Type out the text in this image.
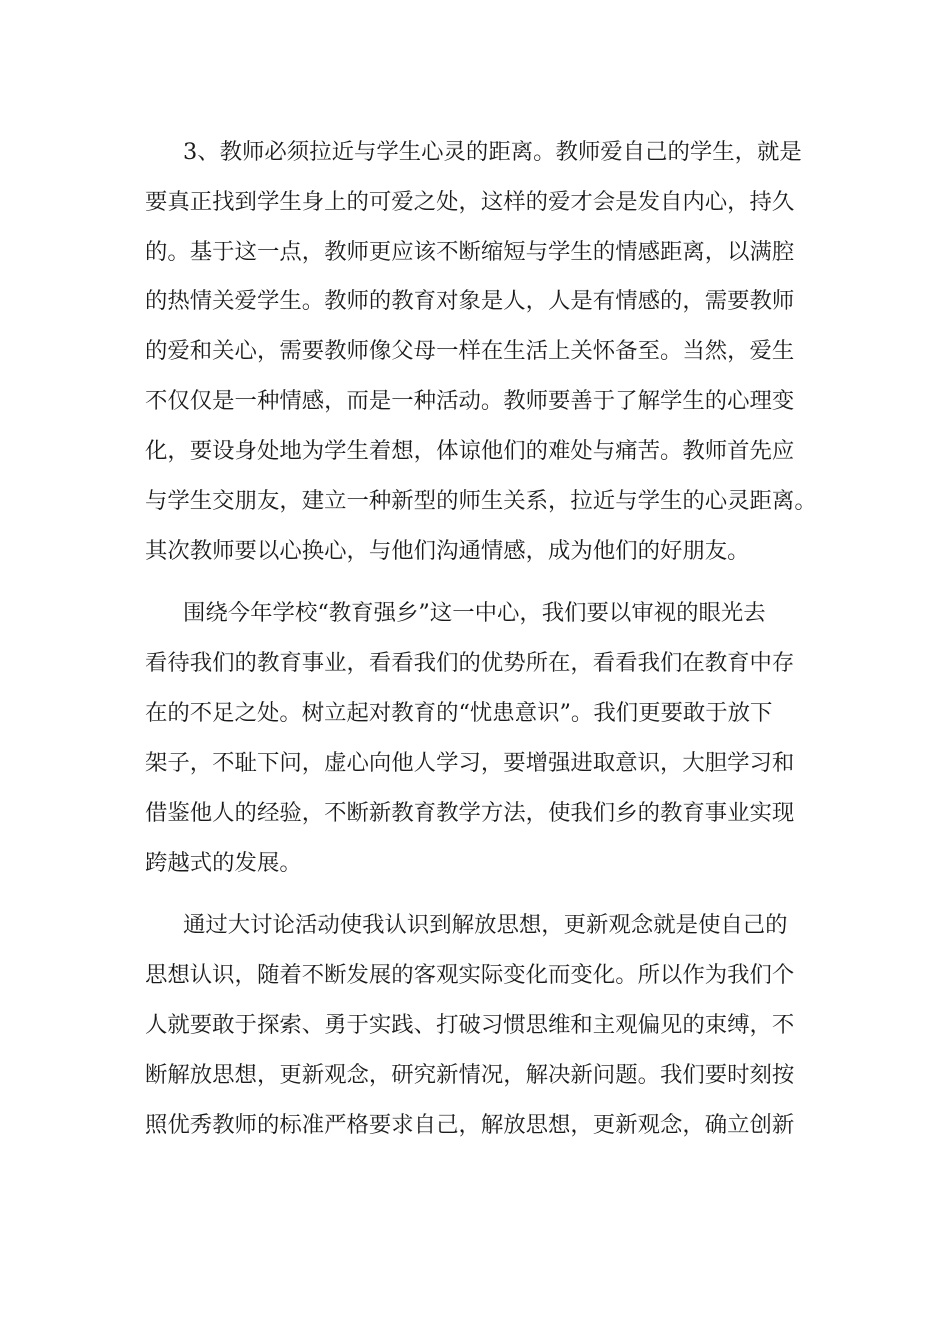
3、教师必须拉近与学生心灵的距离。教师爱自己的学生，就是
要真正找到学生身上的可爱之处，这样的爱才会是发自内心，持久
的。基于这一点，教师更应该不断缩短与学生的情感距离，以满腔
的热情关爱学生。教师的教育对象是人，人是有情感的，需要教师
的爱和关心，需要教师像父母一样在生活上关怀备至。当然，爱生
不仅仅是一种情感，而是一种活动。教师要善于了解学生的心理变
化，要设身处地为学生着想，体谅他们的难处与痛苦。教师首先应
与学生交朋友，建立一种新型的师生关系，拉近与学生的心灵距离。
其次教师要以心换心，与他们沟通情感，成为他们的好朋友。
围绕今年学校“教育强乡”这一中心，我们要以审视的眼光去
看待我们的教育事业，看看我们的优势所在，看看我们在教育中存
在的不足之处。树立起对教育的“忧患意识”。我们更要敢于放下
架子，不耻下问，虚心向他人学习，要增强进取意识，大胆学习和
借鉴他人的经验，不断新教育教学方法，使我们乡的教育事业实现
跨越式的发展。
通过大讨论活动使我认识到解放思想，更新观念就是使自己的
思想认识，随着不断发展的客观实际变化而变化。所以作为我们个
人就要敢于探索、勇于实践、打破习惯思维和主观偏见的束缚，不
断解放思想，更新观念，研究新情况，解决新问题。我们要时刻按
照优秀教师的标准严格要求自己，解放思想，更新观念，确立创新
